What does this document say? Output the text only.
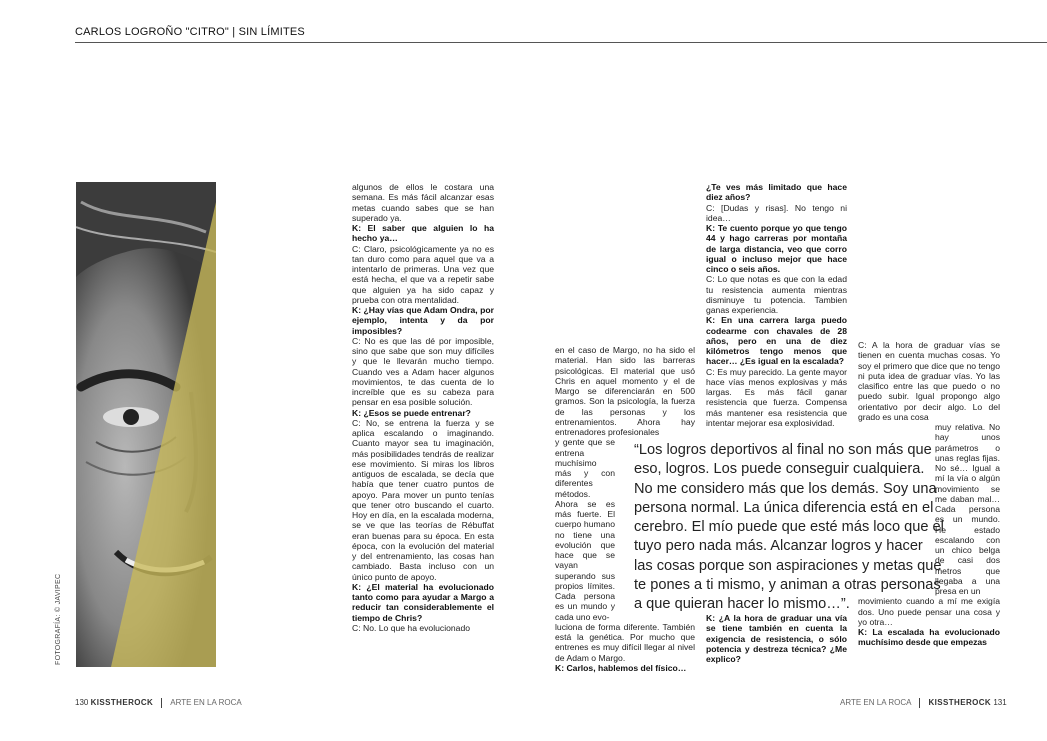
CARLOS LOGROÑO "CITRO" | SIN LÍMITES
FOTOGRAFÍA: © JAVIPEC

algunos de ellos le costara una semana. Es más fácil alcanzar esas metas cuando sabes que se han superado ya.

K: El saber que alguien lo ha hecho ya…

C: Claro, psicológicamente ya no es tan duro como para aquel que va a intentarlo de primeras. Una vez que está hecha, el que va a repetir sabe que alguien ya ha sido capaz y prueba con otra mentalidad.

K: ¿Hay vías que Adam Ondra, por ejemplo, intenta y da por imposibles?

C: No es que las dé por imposible, sino que sabe que son muy difíciles y que le llevarán mucho tiempo. Cuando ves a Adam hacer algunos movimientos, te das cuenta de lo increíble que es su cabeza para pensar en esa posible solución.

K: ¿Esos se puede entrenar?

C: No, se entrena la fuerza y se aplica escalando o imaginando. Cuanto mayor sea tu imaginación, más posibilidades tendrás de realizar ese movimiento. Si miras los libros antiguos de escalada, se decía que había que tener cuatro puntos de apoyo. Para mover un punto tenías que tener otro buscando el cuarto. Hoy en día, en la escalada moderna, se ve que las teorías de Rébuffat eran buenas para su época. En esta época, con la evolución del material y del entrenamiento, las cosas han cambiado. Basta incluso con un único punto de apoyo.

K: ¿El material ha evolucionado tanto como para ayudar a Margo a reducir tan considerablemente el tiempo de Chris?

C: No. Lo que ha evolucionado

en el caso de Margo, no ha sido el material. Han sido las barreras psicológicas. El material que usó Chris en aquel momento y el de Margo se diferenciarán en 500 gramos. Son la psicología, la fuerza de las personas y los entrenamientos. Ahora hay entrenadores profesionales

y gente que se entrena muchísimo más y con diferentes métodos. Ahora se es más fuerte. El cuerpo humano no tiene una evolución que hace que se vayan superando sus propios límites. Cada persona es un mundo y cada uno evo-

luciona de forma diferente. También está la genética. Por mucho que entrenes es muy difícil llegar al nivel de Adam o Margo.

K: Carlos, hablemos del físico…

¿Te ves más limitado que hace diez años?

C: [Dudas y risas]. No tengo ni idea…

K: Te cuento porque yo que tengo 44 y hago carreras por montaña de larga distancia, veo que corro igual o incluso mejor que hace cinco o seis años.

C: Lo que notas es que con la edad tu resistencia aumenta mientras disminuye tu potencia. Tambien ganas experiencia.

K: En una carrera larga puedo codearme con chavales de 28 años, pero en una de diez kilómetros tengo menos que hacer… ¿Es igual en la escalada?

C: Es muy parecido. La gente mayor hace vías menos explosivas y más largas. Es más fácil ganar resistencia que fuerza. Compensa más mantener esa resistencia que intentar mejorar esa explosividad.

K: ¿A la hora de graduar una vía se tiene también en cuenta la exigencia de resistencia, o sólo potencia y destreza técnica? ¿Me explico?

C: A la hora de graduar vías se tienen en cuenta muchas cosas. Yo soy el primero que dice que no tengo ni puta idea de graduar vías. Yo las clasifico entre las que puedo o no puedo subir. Igual propongo algo orientativo por decir algo. Lo del grado es una cosa

muy relativa. No hay unos parámetros o unas reglas fijas. No sé… Igual a mí la vía o algún movimiento se me daban mal… Cada persona es un mundo. He estado escalando con un chico belga de casi dos metros que llegaba a una presa en un

movimiento cuando a mí me exigía dos. Uno puede pensar una cosa y yo otra…

K: La escalada ha evolucionado muchísimo desde que empezas

“Los logros deportivos al final no son más que eso, logros. Los puede conseguir cualquiera. No me considero más que los demás. Soy una persona normal. La única diferencia está en el cerebro. El mío puede que esté más loco que el tuyo pero nada más. Alcanzar logros y hacer las cosas porque son aspiraciones y metas que te pones a ti mismo, y animan a otras personas a que quieran hacer lo mismo…”.
130 KISSTHEROCK ARTE EN LA ROCA	ARTE EN LA ROCA KISSTHEROCK 131
